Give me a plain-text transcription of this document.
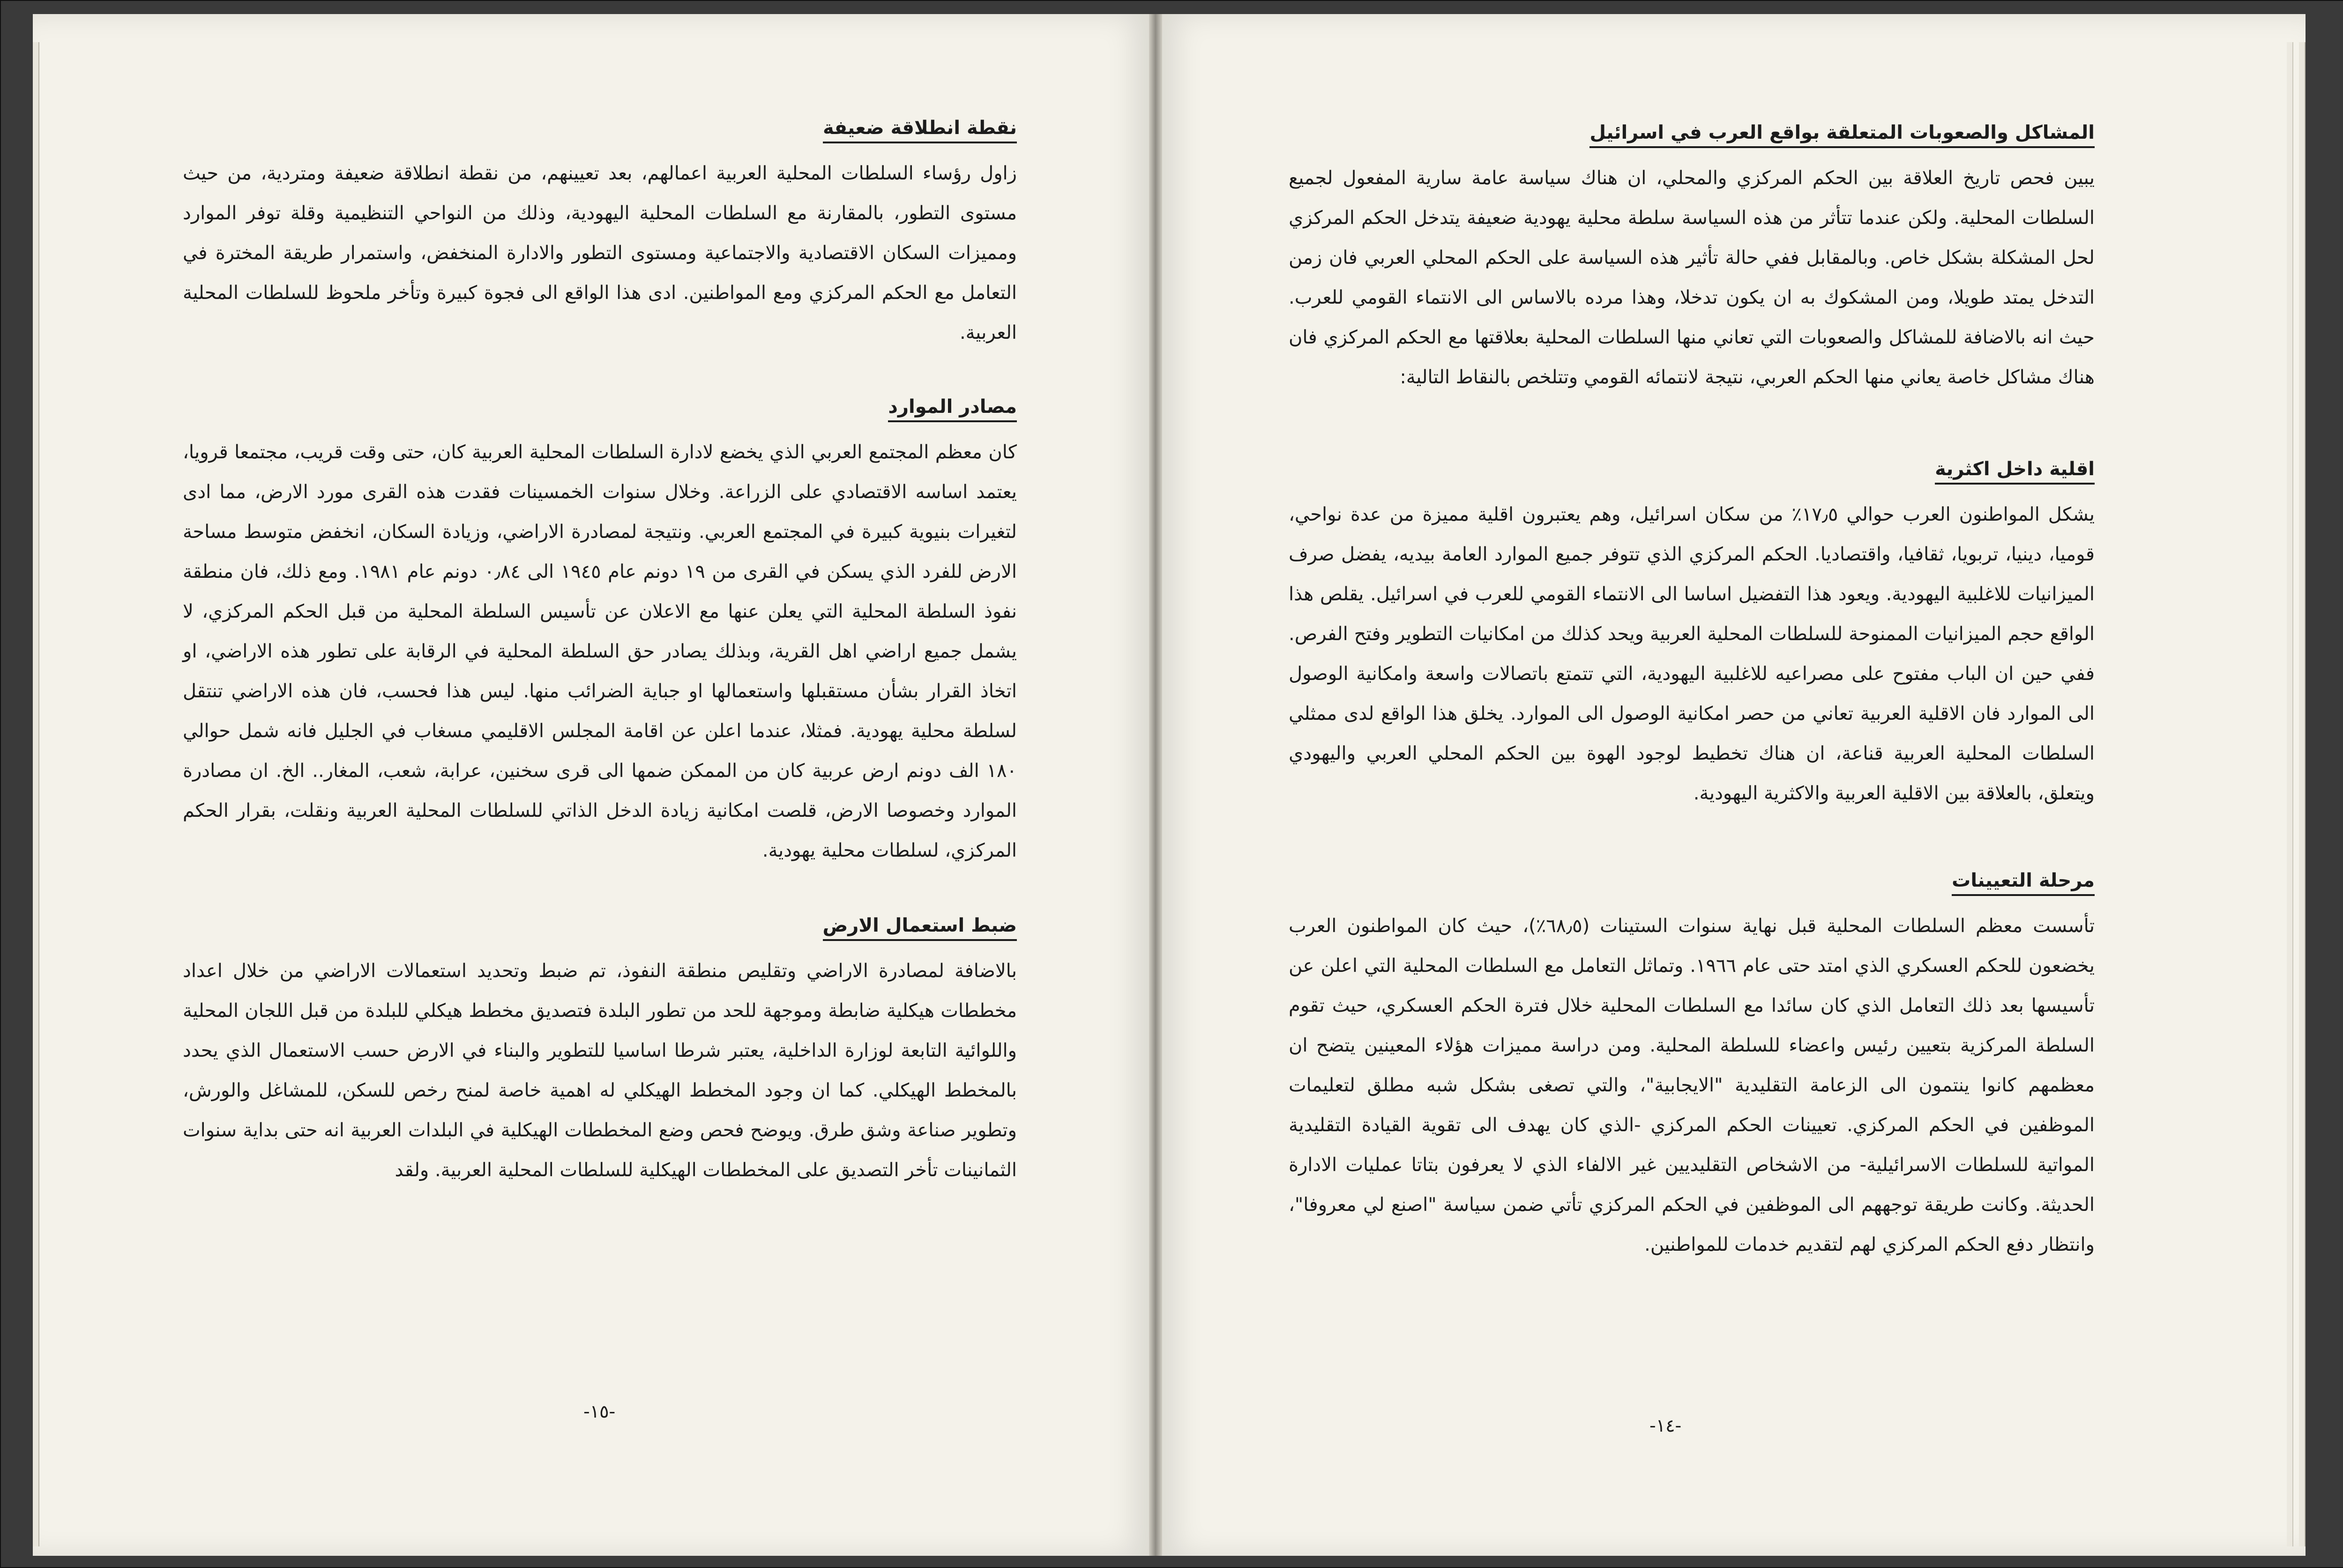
نقطة انطلاقة ضعيفة

زاول رؤساء السلطات المحلية العربية اعمالهم، بعد تعيينهم، من نقطة انطلاقة ضعيفة ومتردية، من حيث مستوى التطور، بالمقارنة مع السلطات المحلية اليهودية، وذلك من النواحي التنظيمية وقلة توفر الموارد ومميزات السكان الاقتصادية والاجتماعية ومستوى التطور والادارة المنخفض، واستمرار طريقة المخترة في التعامل مع الحكم المركزي ومع المواطنين. ادى هذا الواقع الى فجوة كبيرة وتأخر ملحوظ للسلطات المحلية العربية.

مصادر الموارد

كان معظم المجتمع العربي الذي يخضع لادارة السلطات المحلية العربية كان، حتى وقت قريب، مجتمعا قرويا، يعتمد اساسه الاقتصادي على الزراعة. وخلال سنوات الخمسينات فقدت هذه القرى مورد الارض، مما ادى لتغيرات بنيوية كبيرة في المجتمع العربي. ونتيجة لمصادرة الاراضي، وزيادة السكان، انخفض متوسط مساحة الارض للفرد الذي يسكن في القرى من ١٩ دونم عام ١٩٤٥ الى ٠٫٨٤ دونم عام ١٩٨١. ومع ذلك، فان منطقة نفوذ السلطة المحلية التي يعلن عنها مع الاعلان عن تأسيس السلطة المحلية من قبل الحكم المركزي، لا يشمل جميع اراضي اهل القرية، وبذلك يصادر حق السلطة المحلية في الرقابة على تطور هذه الاراضي، او اتخاذ القرار بشأن مستقبلها واستعمالها او جباية الضرائب منها. ليس هذا فحسب، فان هذه الاراضي تنتقل لسلطة محلية يهودية. فمثلا، عندما اعلن عن اقامة المجلس الاقليمي مسغاب في الجليل فانه شمل حوالي ١٨٠ الف دونم ارض عربية كان من الممكن ضمها الى قرى سخنين، عرابة، شعب، المغار.. الخ. ان مصادرة الموارد وخصوصا الارض، قلصت امكانية زيادة الدخل الذاتي للسلطات المحلية العربية ونقلت، بقرار الحكم المركزي، لسلطات محلية يهودية.

ضبط استعمال الارض

بالاضافة لمصادرة الاراضي وتقليص منطقة النفوذ، تم ضبط وتحديد استعمالات الاراضي من خلال اعداد مخططات هيكلية ضابطة وموجهة للحد من تطور البلدة فتصديق مخطط هيكلي للبلدة من قبل اللجان المحلية واللوائية التابعة لوزارة الداخلية، يعتبر شرطا اساسيا للتطوير والبناء في الارض حسب الاستعمال الذي يحدد بالمخطط الهيكلي. كما ان وجود المخطط الهيكلي له اهمية خاصة لمنح رخص للسكن، للمشاغل والورش، وتطوير صناعة وشق طرق. ويوضح فحص وضع المخططات الهيكلية في البلدات العربية انه حتى بداية سنوات الثمانينات تأخر التصديق على المخططات الهيكلية للسلطات المحلية العربية. ولقد

-١٥-
المشاكل والصعوبات المتعلقة بواقع العرب في اسرائيل

يبين فحص تاريخ العلاقة بين الحكم المركزي والمحلي، ان هناك سياسة عامة سارية المفعول لجميع السلطات المحلية. ولكن عندما تتأثر من هذه السياسة سلطة محلية يهودية ضعيفة يتدخل الحكم المركزي لحل المشكلة بشكل خاص. وبالمقابل ففي حالة تأثير هذه السياسة على الحكم المحلي العربي فان زمن التدخل يمتد طويلا، ومن المشكوك به ان يكون تدخلا، وهذا مرده بالاساس الى الانتماء القومي للعرب. حيث انه بالاضافة للمشاكل والصعوبات التي تعاني منها السلطات المحلية بعلاقتها مع الحكم المركزي فان هناك مشاكل خاصة يعاني منها الحكم العربي، نتيجة لانتمائه القومي وتتلخص بالنقاط التالية:

اقلية داخل اكثرية

يشكل المواطنون العرب حوالي ١٧٫٥٪ من سكان اسرائيل، وهم يعتبرون اقلية مميزة من عدة نواحي، قوميا، دينيا، تربويا، ثقافيا، واقتصاديا. الحكم المركزي الذي تتوفر جميع الموارد العامة بيديه، يفضل صرف الميزانيات للاغلبية اليهودية. ويعود هذا التفضيل اساسا الى الانتماء القومي للعرب في اسرائيل. يقلص هذا الواقع حجم الميزانيات الممنوحة للسلطات المحلية العربية ويحد كذلك من امكانيات التطوير وفتح الفرص. ففي حين ان الباب مفتوح على مصراعيه للاغلبية اليهودية، التي تتمتع باتصالات واسعة وامكانية الوصول الى الموارد فان الاقلية العربية تعاني من حصر امكانية الوصول الى الموارد. يخلق هذا الواقع لدى ممثلي السلطات المحلية العربية قناعة، ان هناك تخطيط لوجود الهوة بين الحكم المحلي العربي واليهودي ويتعلق، بالعلاقة بين الاقلية العربية والاكثرية اليهودية.

مرحلة التعيينات

تأسست معظم السلطات المحلية قبل نهاية سنوات الستينات (٦٨٫٥٪)، حيث كان المواطنون العرب يخضعون للحكم العسكري الذي امتد حتى عام ١٩٦٦. وتماثل التعامل مع السلطات المحلية التي اعلن عن تأسيسها بعد ذلك التعامل الذي كان سائدا مع السلطات المحلية خلال فترة الحكم العسكري، حيث تقوم السلطة المركزية بتعيين رئيس واعضاء للسلطة المحلية. ومن دراسة مميزات هؤلاء المعينين يتضح ان معظمهم كانوا ينتمون الى الزعامة التقليدية "الايجابية"، والتي تصغى بشكل شبه مطلق لتعليمات الموظفين في الحكم المركزي. تعيينات الحكم المركزي -الذي كان يهدف الى تقوية القيادة التقليدية المواتية للسلطات الاسرائيلية- من الاشخاص التقليديين غير الالفاء الذي لا يعرفون بتاتا عمليات الادارة الحديثة. وكانت طريقة توجههم الى الموظفين في الحكم المركزي تأتي ضمن سياسة "اصنع لي معروفا"، وانتظار دفع الحكم المركزي لهم لتقديم خدمات للمواطنين.

-١٤-
